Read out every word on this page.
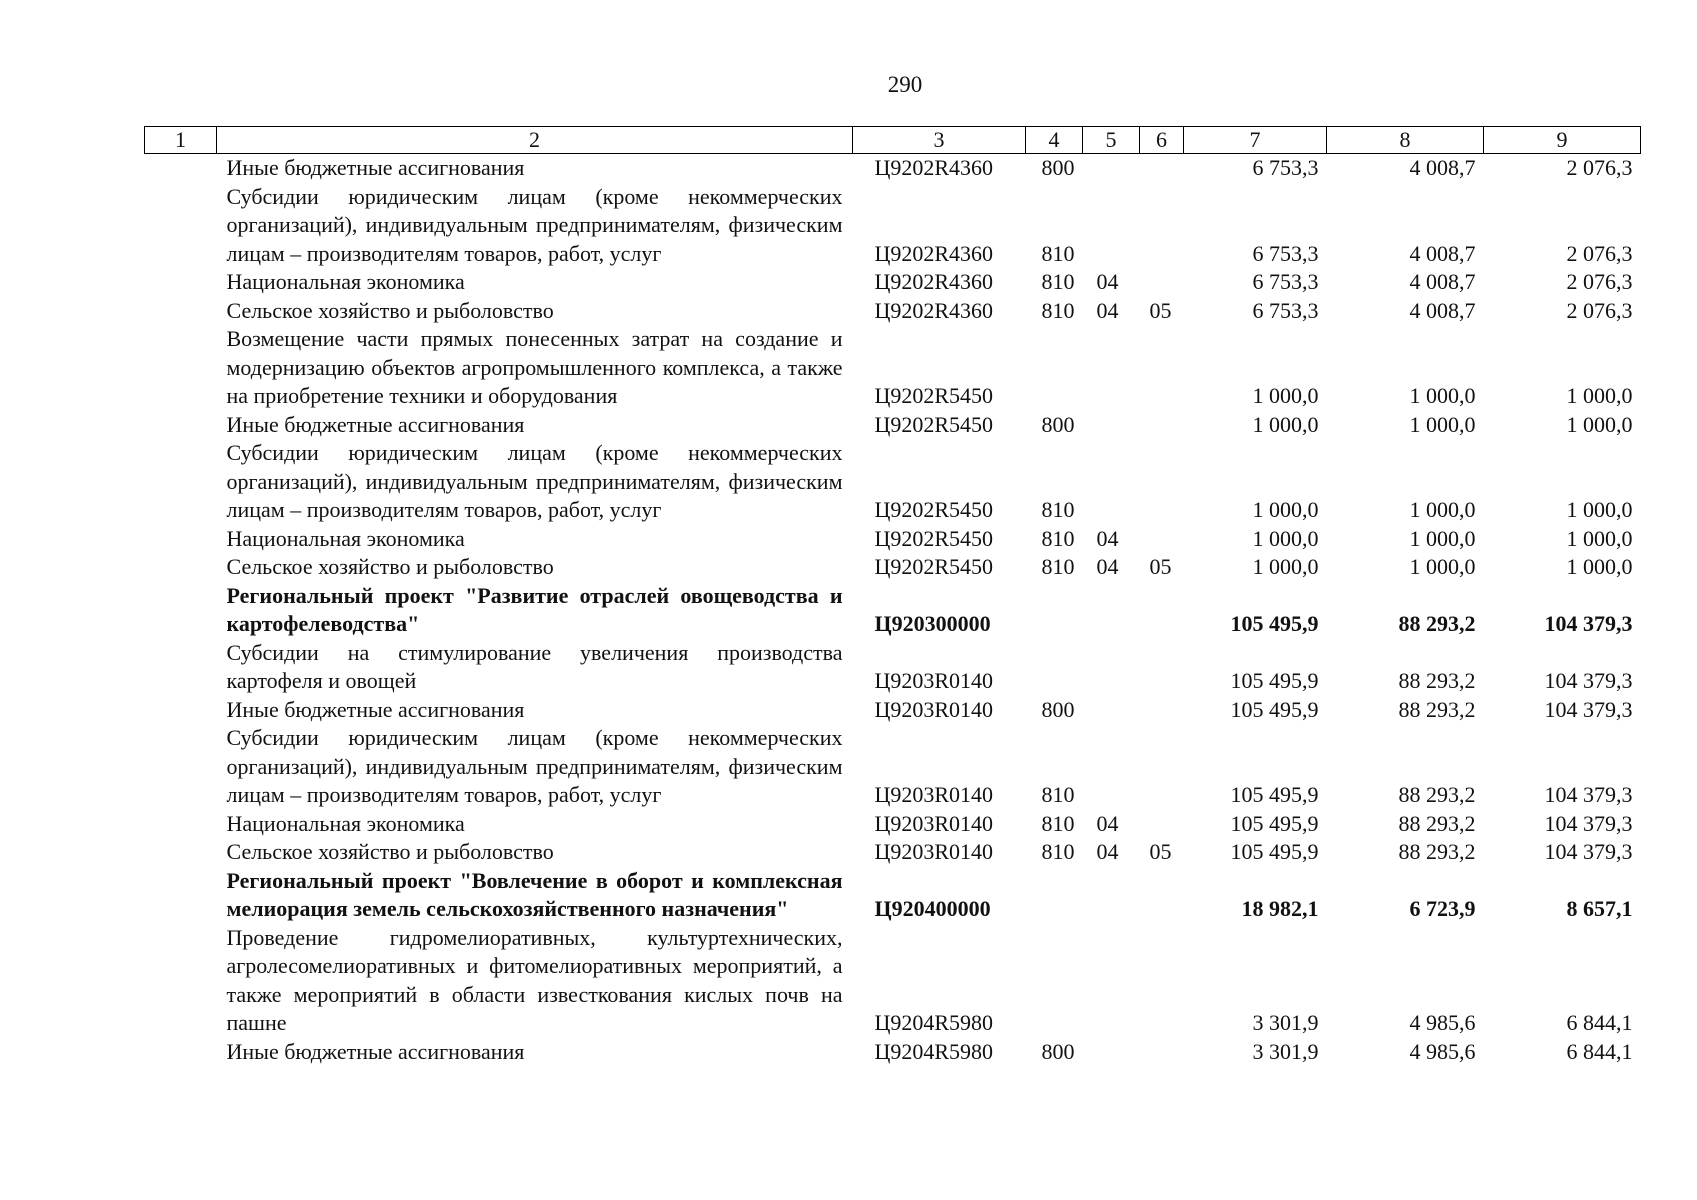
290
1	2	3	4	5	6	7	8	9
	Иные бюджетные ассигнования	Ц9202R4360	800			6 753,3	4 008,7	2 076,3
	Субсидии юридическим лицам (кроме некоммерческих организаций), индивидуальным предпринимателям, физическим лицам – производителям товаров, работ, услуг	Ц9202R4360	810			6 753,3	4 008,7	2 076,3
	Национальная экономика	Ц9202R4360	810	04		6 753,3	4 008,7	2 076,3
	Сельское хозяйство и рыболовство	Ц9202R4360	810	04	05	6 753,3	4 008,7	2 076,3
	Возмещение части прямых понесенных затрат на создание и модернизацию объектов агропромышленного комплекса, а также на приобретение техники и оборудования	Ц9202R5450				1 000,0	1 000,0	1 000,0
	Иные бюджетные ассигнования	Ц9202R5450	800			1 000,0	1 000,0	1 000,0
	Субсидии юридическим лицам (кроме некоммерческих организаций), индивидуальным предпринимателям, физическим лицам – производителям товаров, работ, услуг	Ц9202R5450	810			1 000,0	1 000,0	1 000,0
	Национальная экономика	Ц9202R5450	810	04		1 000,0	1 000,0	1 000,0
	Сельское хозяйство и рыболовство	Ц9202R5450	810	04	05	1 000,0	1 000,0	1 000,0
	Региональный проект "Развитие отраслей овощеводства и картофелеводства"	Ц920300000				105 495,9	88 293,2	104 379,3
	Субсидии на стимулирование увеличения производства картофеля и овощей	Ц9203R0140				105 495,9	88 293,2	104 379,3
	Иные бюджетные ассигнования	Ц9203R0140	800			105 495,9	88 293,2	104 379,3
	Субсидии юридическим лицам (кроме некоммерческих организаций), индивидуальным предпринимателям, физическим лицам – производителям товаров, работ, услуг	Ц9203R0140	810			105 495,9	88 293,2	104 379,3
	Национальная экономика	Ц9203R0140	810	04		105 495,9	88 293,2	104 379,3
	Сельское хозяйство и рыболовство	Ц9203R0140	810	04	05	105 495,9	88 293,2	104 379,3
	Региональный проект "Вовлечение в оборот и комплексная мелиорация земель сельскохозяйственного назначения"	Ц920400000				18 982,1	6 723,9	8 657,1
	Проведение гидромелиоративных, культуртехнических, агролесомелиоративных и фитомелиоративных мероприятий, а также мероприятий в области известкования кислых почв на пашне	Ц9204R5980				3 301,9	4 985,6	6 844,1
	Иные бюджетные ассигнования	Ц9204R5980	800			3 301,9	4 985,6	6 844,1
